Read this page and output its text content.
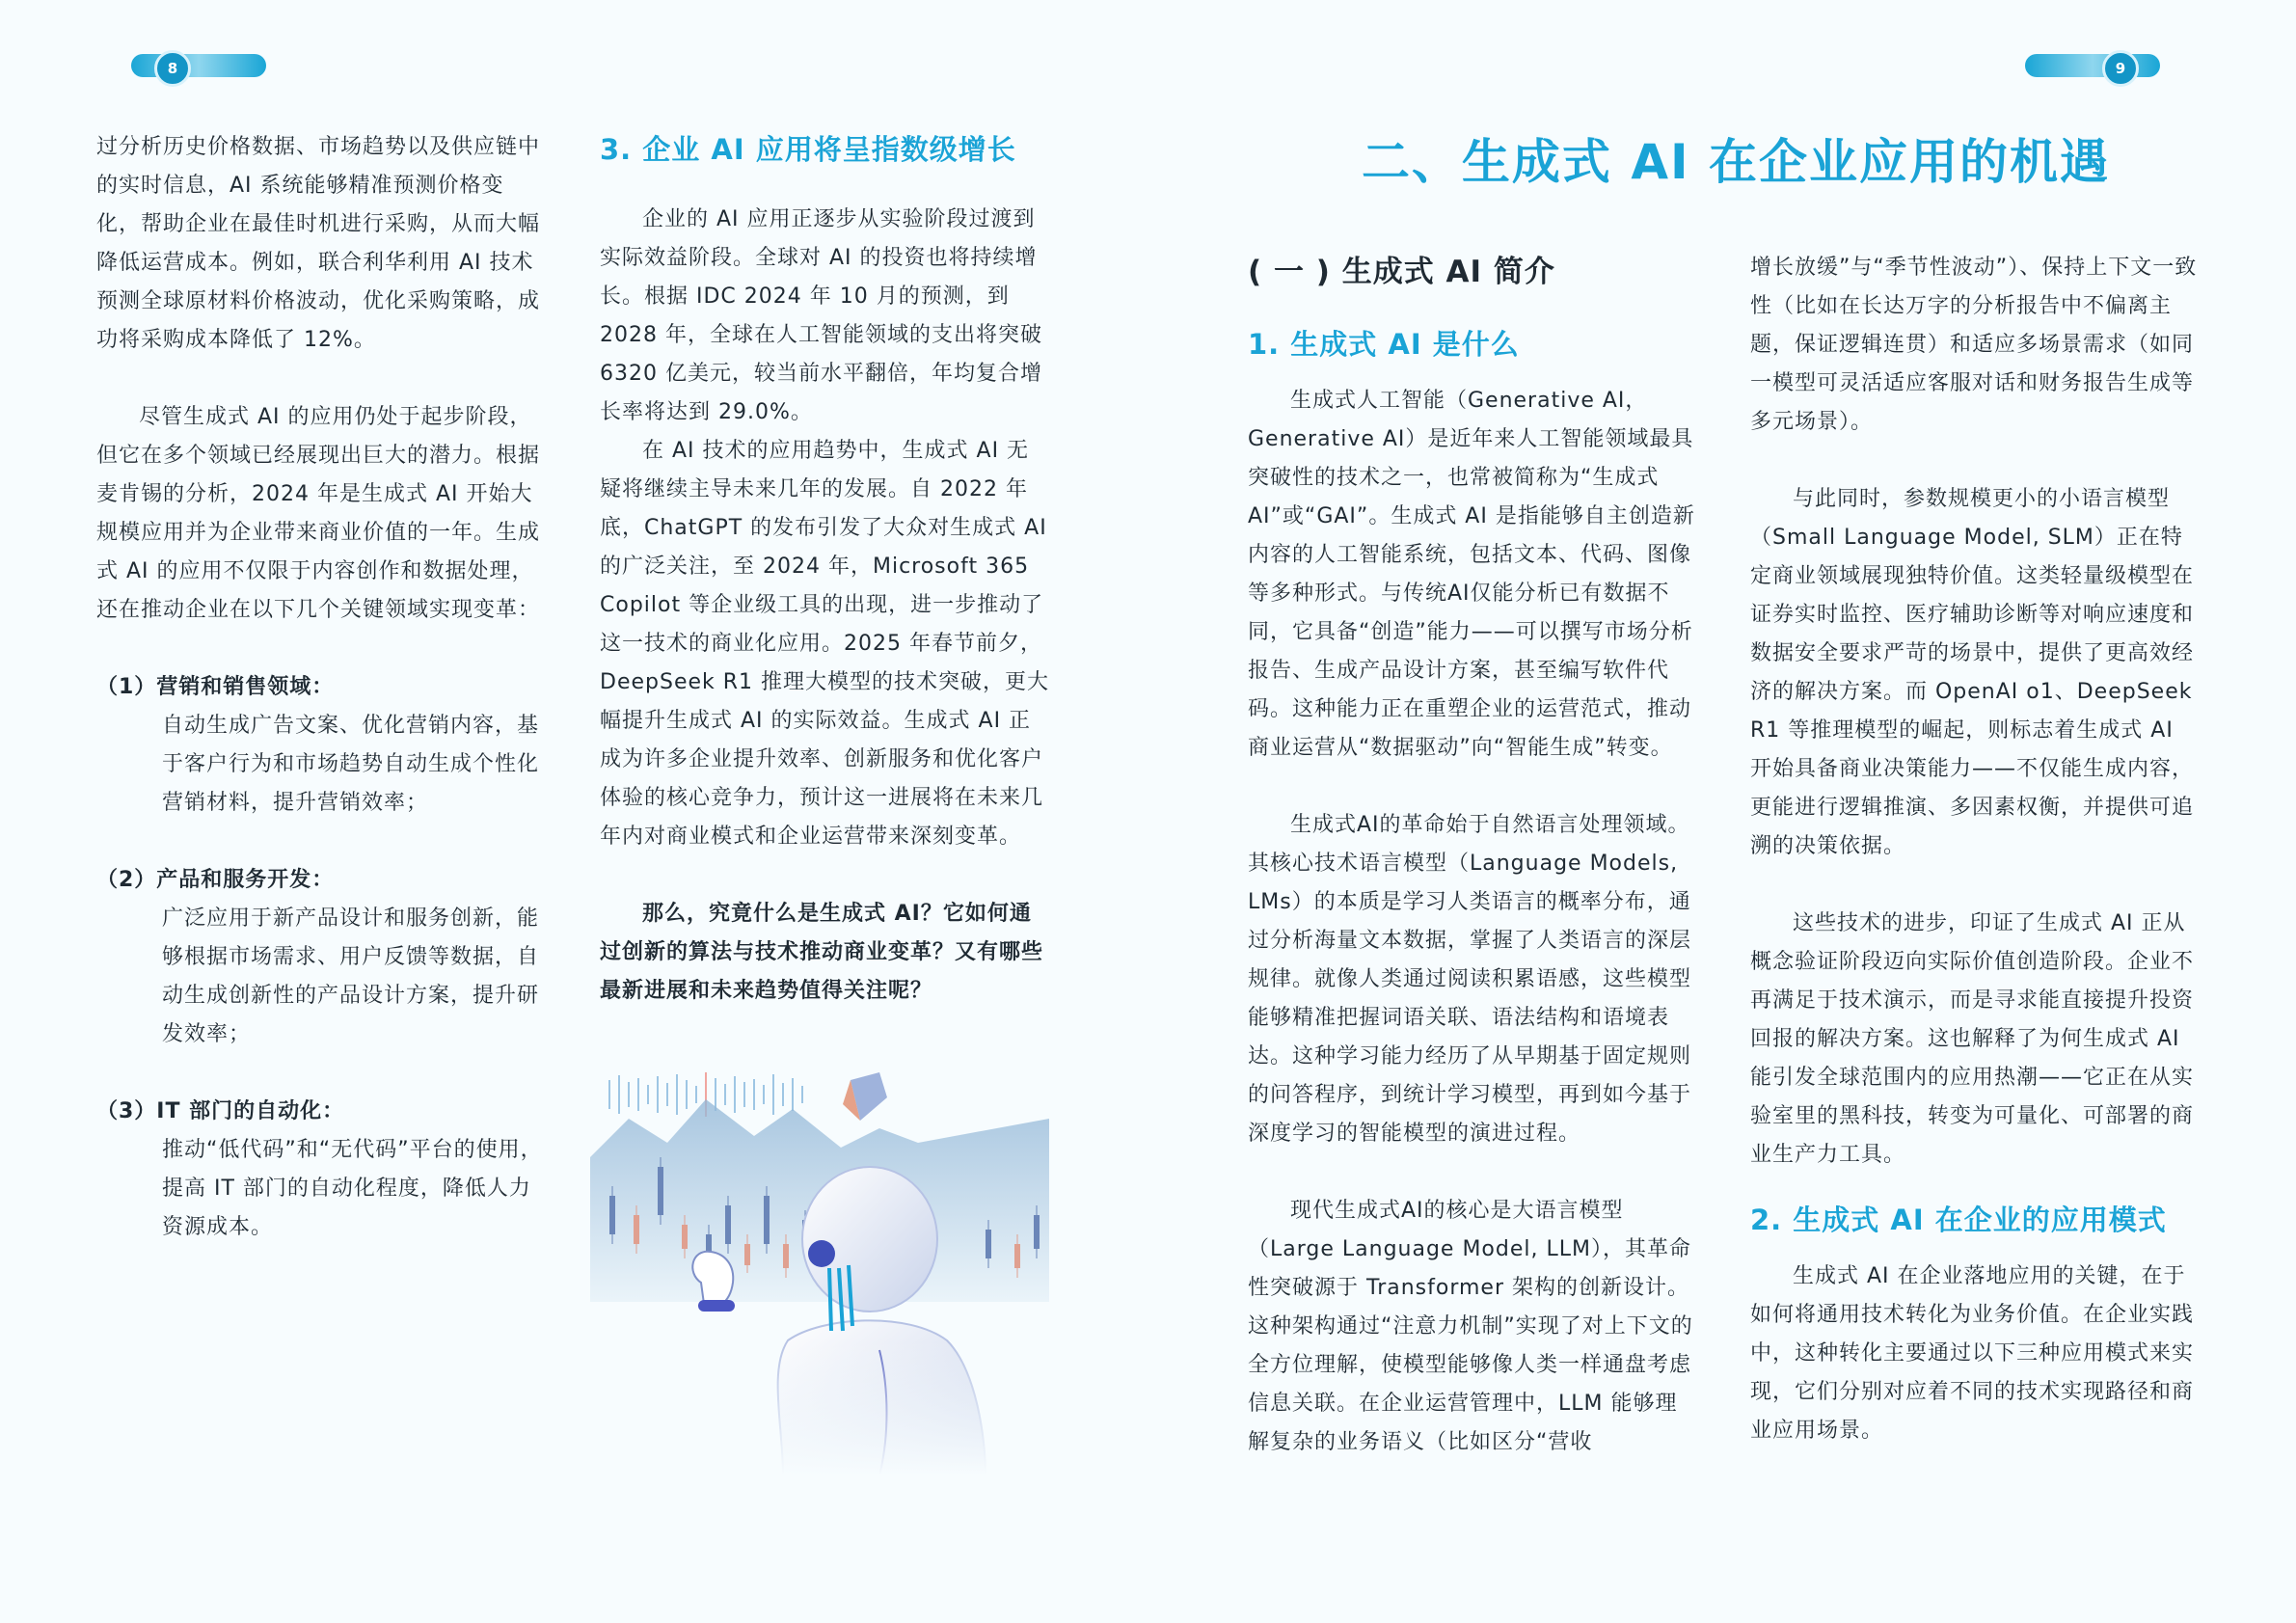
8	9

过分析历史价格数据、市场趋势以及供应链中的实时信息，AI 系统能够精准预测价格变化，帮助企业在最佳时机进行采购，从而大幅降低运营成本。例如，联合利华利用 AI 技术预测全球原材料价格波动，优化采购策略，成功将采购成本降低了 12%。

尽管生成式 AI 的应用仍处于起步阶段，但它在多个领域已经展现出巨大的潜力。根据麦肯锡的分析，2024 年是生成式 AI 开始大规模应用并为企业带来商业价值的一年。生成式 AI 的应用不仅限于内容创作和数据处理，还在推动企业在以下几个关键领域实现变革：

（1）营销和销售领域：

自动生成广告文案、优化营销内容，基于客户行为和市场趋势自动生成个性化营销材料，提升营销效率；

（2）产品和服务开发：

广泛应用于新产品设计和服务创新，能够根据市场需求、用户反馈等数据，自动生成创新性的产品设计方案，提升研发效率；

（3）IT 部门的自动化：

推动“低代码”和“无代码”平台的使用，提高 IT 部门的自动化程度，降低人力资源成本。

3. 企业 AI 应用将呈指数级增长

企业的 AI 应用正逐步从实验阶段过渡到实际效益阶段。全球对 AI 的投资也将持续增长。根据 IDC 2024 年 10 月的预测，到 2028 年，全球在人工智能领域的支出将突破 6320 亿美元，较当前水平翻倍，年均复合增长率将达到 29.0%。

在 AI 技术的应用趋势中，生成式 AI 无疑将继续主导未来几年的发展。自 2022 年底，ChatGPT 的发布引发了大众对生成式 AI 的广泛关注，至 2024 年，Microsoft 365 Copilot 等企业级工具的出现，进一步推动了这一技术的商业化应用。2025 年春节前夕，DeepSeek R1 推理大模型的技术突破，更大幅提升生成式 AI 的实际效益。生成式 AI 正成为许多企业提升效率、创新服务和优化客户体验的核心竞争力，预计这一进展将在未来几年内对商业模式和企业运营带来深刻变革。

那么，究竟什么是生成式 AI？它如何通过创新的算法与技术推动商业变革？又有哪些最新进展和未来趋势值得关注呢？

二、生成式 AI 在企业应用的机遇

( 一 ) 生成式 AI 简介

1. 生成式 AI 是什么

生成式人工智能（Generative AI，Generative AI）是近年来人工智能领域最具突破性的技术之一，也常被简称为“生成式AI”或“GAI”。生成式 AI 是指能够自主创造新内容的人工智能系统，包括文本、代码、图像等多种形式。与传统AI仅能分析已有数据不同，它具备“创造”能力——可以撰写市场分析报告、生成产品设计方案，甚至编写软件代码。这种能力正在重塑企业的运营范式，推动商业运营从“数据驱动”向“智能生成”转变。

生成式AI的革命始于自然语言处理领域。其核心技术语言模型（Language Models, LMs）的本质是学习人类语言的概率分布，通过分析海量文本数据，掌握了人类语言的深层规律。就像人类通过阅读积累语感，这些模型能够精准把握词语关联、语法结构和语境表达。这种学习能力经历了从早期基于固定规则的问答程序，到统计学习模型，再到如今基于深度学习的智能模型的演进过程。

现代生成式AI的核心是大语言模型（Large Language Model, LLM），其革命性突破源于 Transformer 架构的创新设计。这种架构通过“注意力机制”实现了对上下文的全方位理解，使模型能够像人类一样通盘考虑信息关联。在企业运营管理中，LLM 能够理解复杂的业务语义（比如区分“营收

增长放缓”与“季节性波动”）、保持上下文一致性（比如在长达万字的分析报告中不偏离主题，保证逻辑连贯）和适应多场景需求（如同一模型可灵活适应客服对话和财务报告生成等多元场景）。

与此同时，参数规模更小的小语言模型（Small Language Model, SLM）正在特定商业领域展现独特价值。这类轻量级模型在证券实时监控、医疗辅助诊断等对响应速度和数据安全要求严苛的场景中，提供了更高效经济的解决方案。而 OpenAI o1、DeepSeek R1 等推理模型的崛起，则标志着生成式 AI 开始具备商业决策能力——不仅能生成内容，更能进行逻辑推演、多因素权衡，并提供可追溯的决策依据。

这些技术的进步，印证了生成式 AI 正从概念验证阶段迈向实际价值创造阶段。企业不再满足于技术演示，而是寻求能直接提升投资回报的解决方案。这也解释了为何生成式 AI 能引发全球范围内的应用热潮——它正在从实验室里的黑科技，转变为可量化、可部署的商业生产力工具。

2. 生成式 AI 在企业的应用模式

生成式 AI 在企业落地应用的关键，在于如何将通用技术转化为业务价值。在企业实践中，这种转化主要通过以下三种应用模式来实现，它们分别对应着不同的技术实现路径和商业应用场景。
